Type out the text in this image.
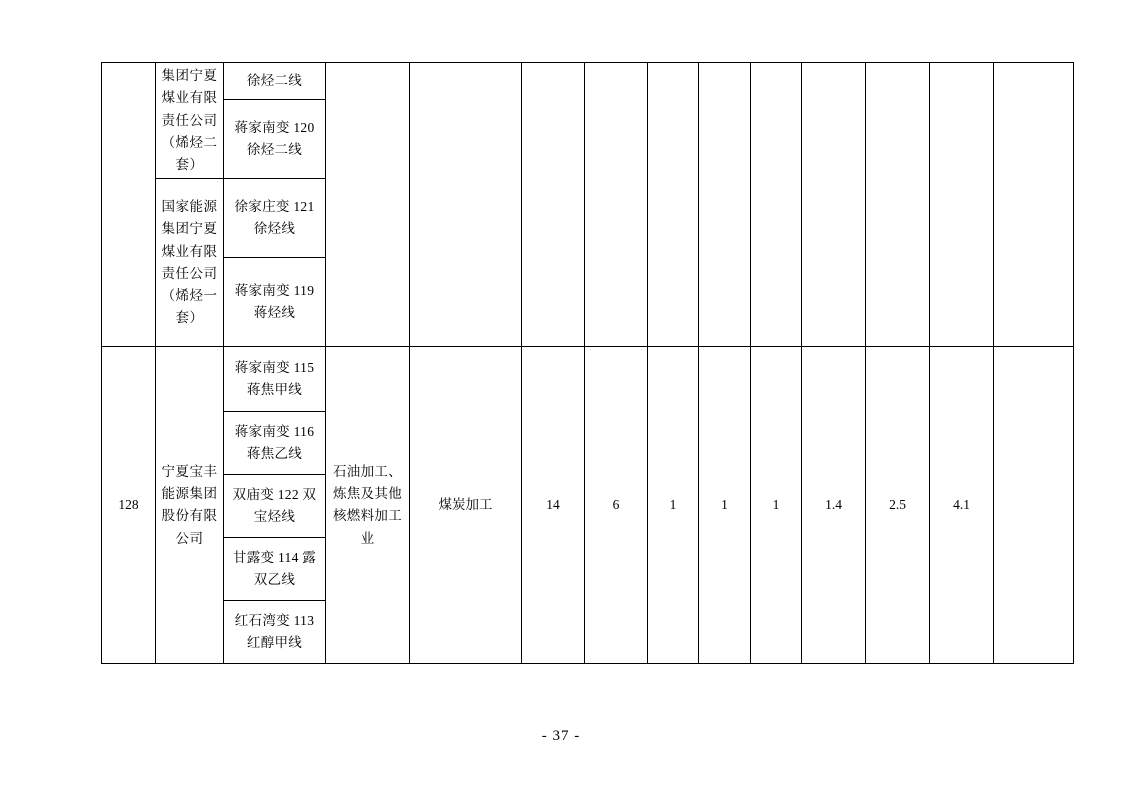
	集团宁夏煤业有限责任公司（烯烃二套）	徐烃二线											
		蒋家南变 120 徐烃二线											
	国家能源集团宁夏煤业有限责任公司（烯烃一套）	徐家庄变 121 徐烃线											
		蒋家南变 119 蒋烃线											
128	宁夏宝丰能源集团股份有限公司	蒋家南变 115 蒋焦甲线	石油加工、炼焦及其他核燃料加工业	煤炭加工	14	6	1	1	1	1.4	2.5	4.1	
		蒋家南变 116 蒋焦乙线											
		双庙变 122 双宝烃线											
		甘露变 114 露双乙线											
		红石湾变 113 红醇甲线											
- 37 -
